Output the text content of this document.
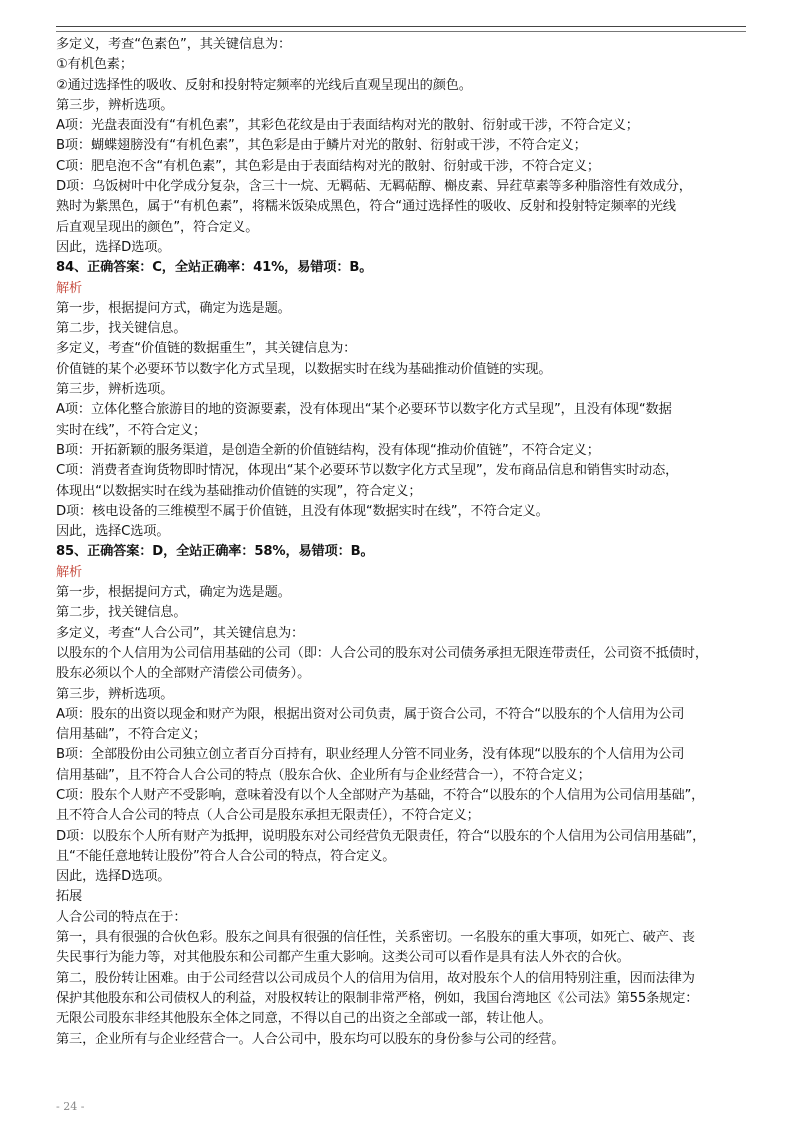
多定义，考查“色素色”，其关键信息为：
①有机色素；
②通过选择性的吸收、反射和投射特定频率的光线后直观呈现出的颜色。
第三步，辨析选项。
A项：光盘表面没有“有机色素”，其彩色花纹是由于表面结构对光的散射、衍射或干涉，不符合定义；
B项：蝴蝶翅膀没有“有机色素”，其色彩是由于鳞片对光的散射、衍射或干涉，不符合定义；
C项：肥皂泡不含“有机色素”，其色彩是由于表面结构对光的散射、衍射或干涉，不符合定义；
D项：乌饭树叶中化学成分复杂，含三十一烷、无羁萜、无羁萜醇、槲皮素、异荭草素等多种脂溶性有效成分，
熟时为紫黑色，属于“有机色素”，将糯米饭染成黑色，符合“通过选择性的吸收、反射和投射特定频率的光线
后直观呈现出的颜色”，符合定义。
因此，选择D选项。
84、正确答案：C，全站正确率：41%，易错项：B。
解析
第一步，根据提问方式，确定为选是题。
第二步，找关键信息。
多定义，考查“价值链的数据重生”，其关键信息为：
价值链的某个必要环节以数字化方式呈现，以数据实时在线为基础推动价值链的实现。
第三步，辨析选项。
A项：立体化整合旅游目的地的资源要素，没有体现出“某个必要环节以数字化方式呈现”，且没有体现“数据
实时在线”，不符合定义；
B项：开拓新颖的服务渠道，是创造全新的价值链结构，没有体现“推动价值链”，不符合定义；
C项：消费者查询货物即时情况，体现出“某个必要环节以数字化方式呈现”，发布商品信息和销售实时动态，
体现出“以数据实时在线为基础推动价值链的实现”，符合定义；
D项：核电设备的三维模型不属于价值链，且没有体现“数据实时在线”，不符合定义。
因此，选择C选项。
85、正确答案：D，全站正确率：58%，易错项：B。
解析
第一步，根据提问方式，确定为选是题。
第二步，找关键信息。
多定义，考查“人合公司”，其关键信息为：
以股东的个人信用为公司信用基础的公司（即：人合公司的股东对公司债务承担无限连带责任，公司资不抵债时，
股东必须以个人的全部财产清偿公司债务）。
第三步，辨析选项。
A项：股东的出资以现金和财产为限，根据出资对公司负责，属于资合公司，不符合“以股东的个人信用为公司
信用基础”，不符合定义；
B项：全部股份由公司独立创立者百分百持有，职业经理人分管不同业务，没有体现“以股东的个人信用为公司
信用基础”，且不符合人合公司的特点（股东合伙、企业所有与企业经营合一），不符合定义；
C项：股东个人财产不受影响，意味着没有以个人全部财产为基础，不符合“以股东的个人信用为公司信用基础”，
且不符合人合公司的特点（人合公司是股东承担无限责任），不符合定义；
D项：以股东个人所有财产为抵押，说明股东对公司经营负无限责任，符合“以股东的个人信用为公司信用基础”，
且“不能任意地转让股份”符合人合公司的特点，符合定义。
因此，选择D选项。
拓展
人合公司的特点在于：
第一，具有很强的合伙色彩。股东之间具有很强的信任性，关系密切。一名股东的重大事项，如死亡、破产、丧
失民事行为能力等，对其他股东和公司都产生重大影响。这类公司可以看作是具有法人外衣的合伙。
第二，股份转让困难。由于公司经营以公司成员个人的信用为信用，故对股东个人的信用特别注重，因而法律为
保护其他股东和公司债权人的利益，对股权转让的限制非常严格，例如，我国台湾地区《公司法》第55条规定：
无限公司股东非经其他股东全体之同意，不得以自己的出资之全部或一部，转让他人。
第三，企业所有与企业经营合一。人合公司中，股东均可以股东的身份参与公司的经营。
- 24 -
